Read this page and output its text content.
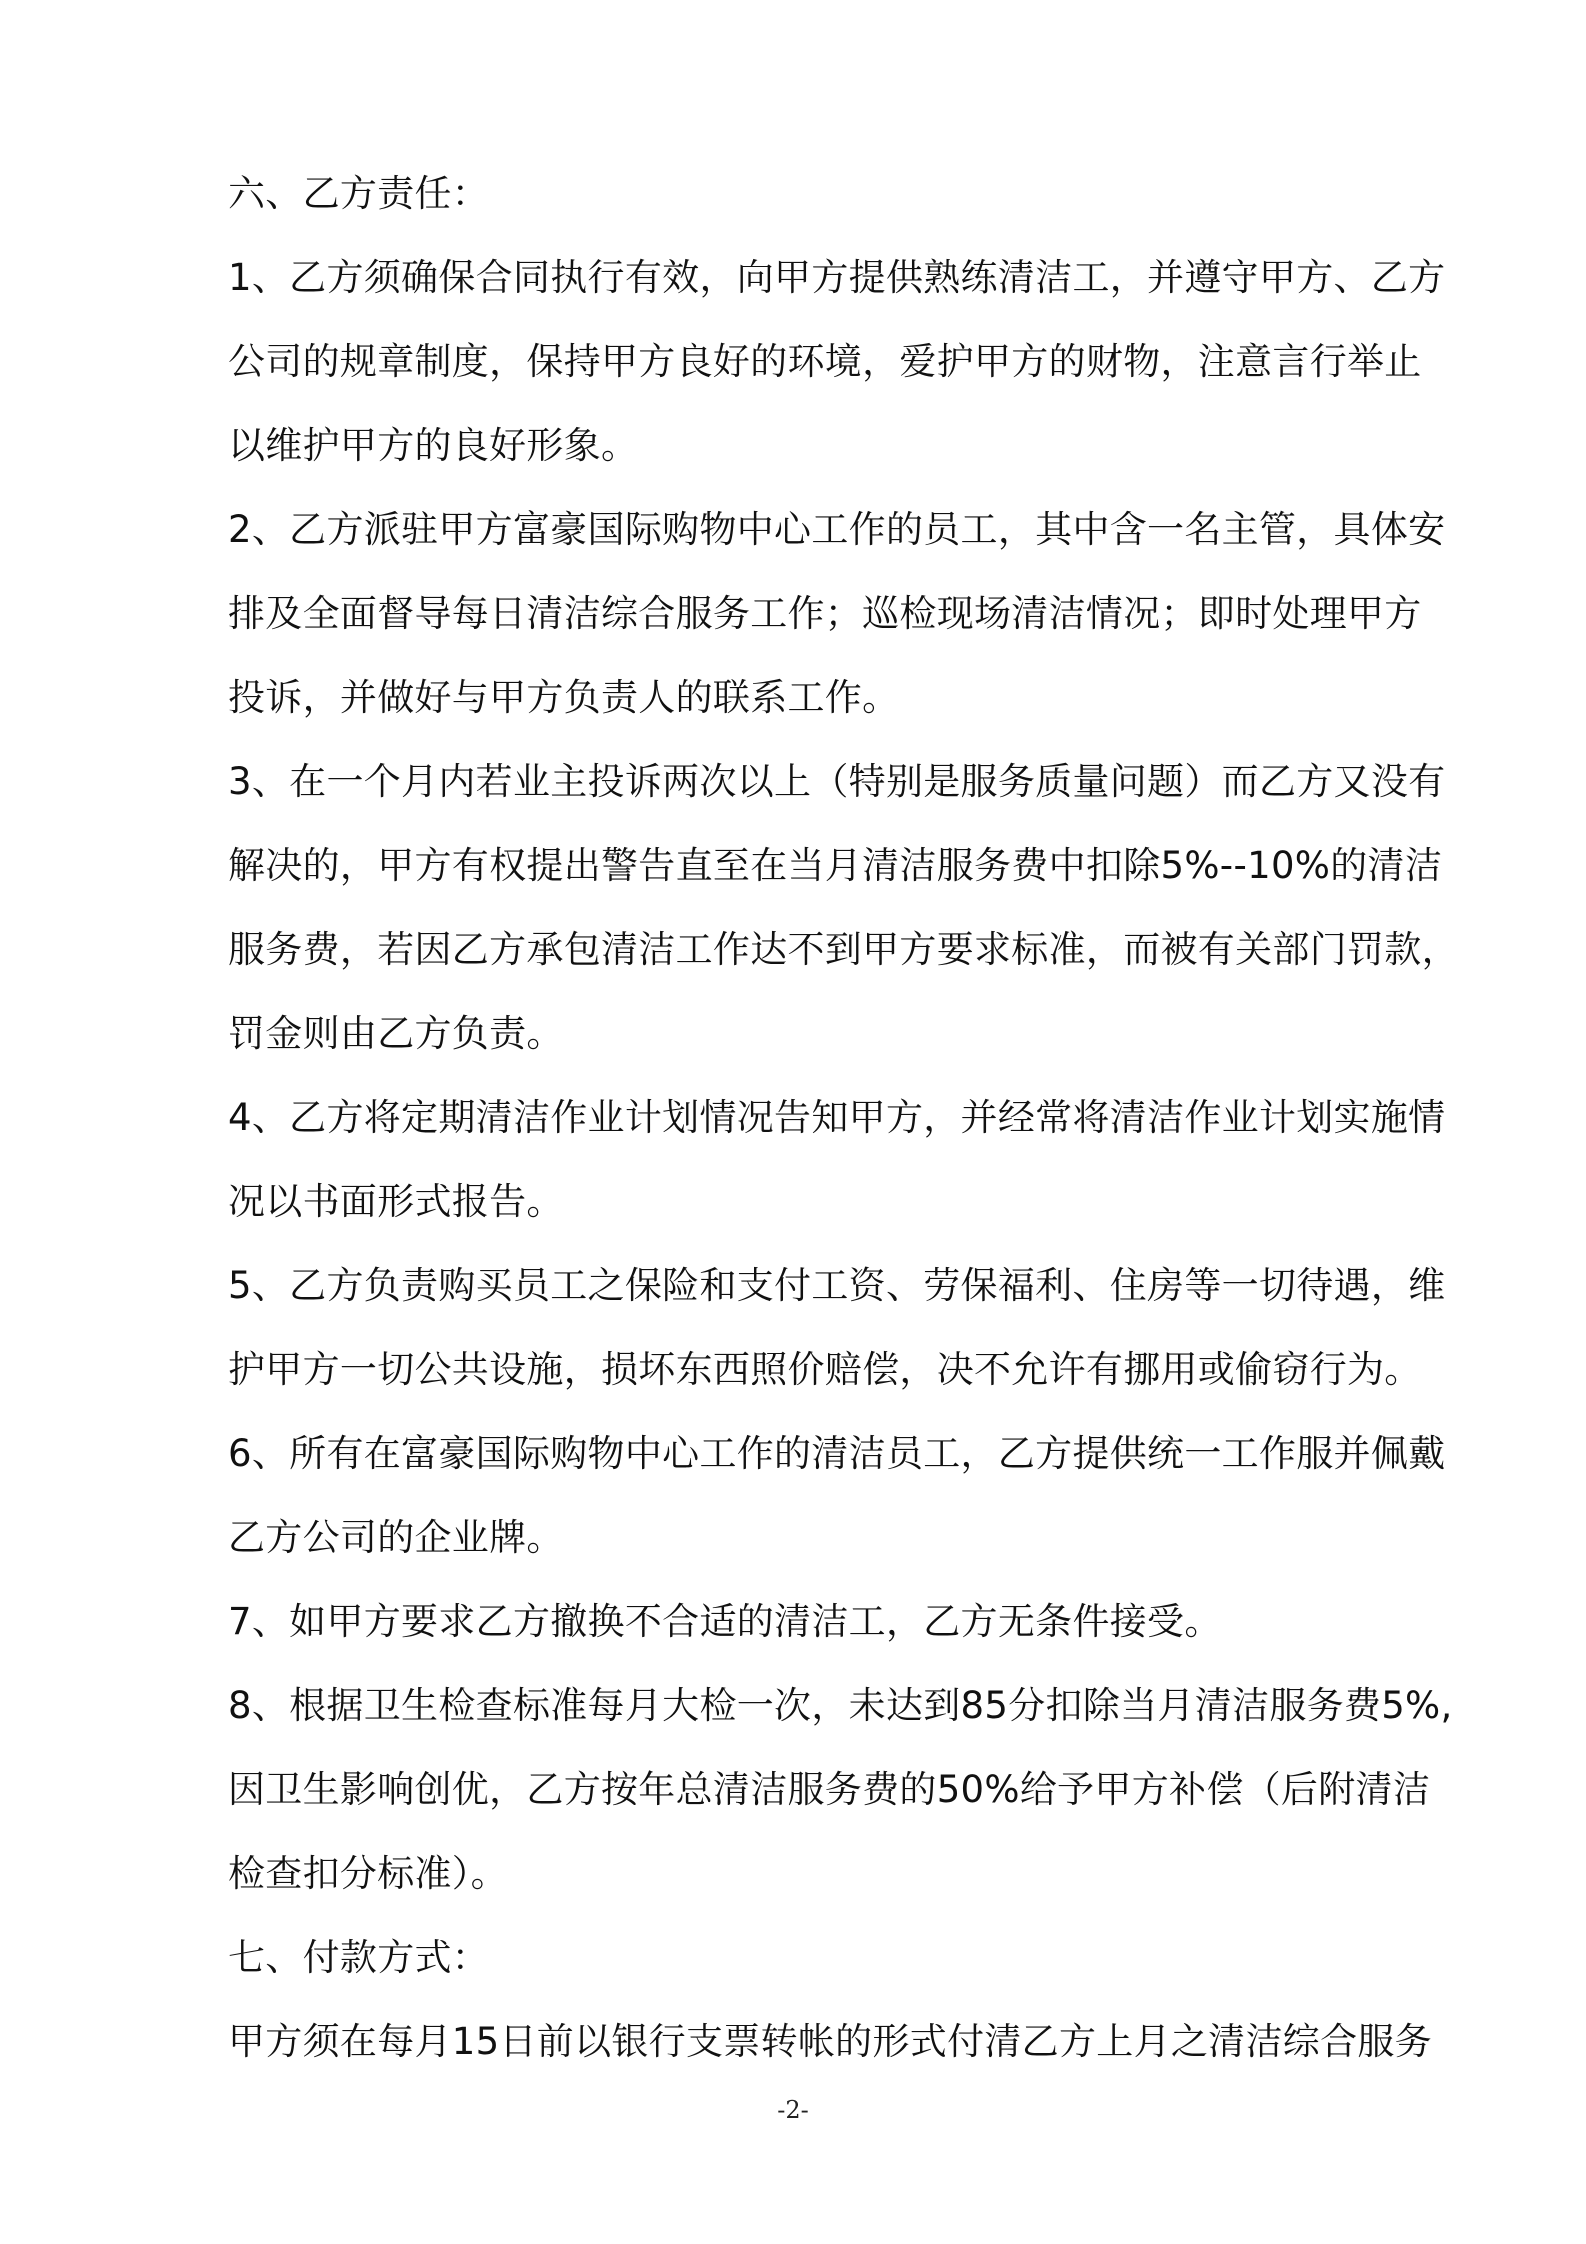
六、乙方责任：
1、乙方须确保合同执行有效，向甲方提供熟练清洁工，并遵守甲方、乙方
公司的规章制度，保持甲方良好的环境，爱护甲方的财物，注意言行举止
以维护甲方的良好形象。
2、乙方派驻甲方富豪国际购物中心工作的员工，其中含一名主管，具体安
排及全面督导每日清洁综合服务工作；巡检现场清洁情况；即时处理甲方
投诉，并做好与甲方负责人的联系工作。
3、在一个月内若业主投诉两次以上（特别是服务质量问题）而乙方又没有
解决的，甲方有权提出警告直至在当月清洁服务费中扣除5%--10%的清洁
服务费，若因乙方承包清洁工作达不到甲方要求标准，而被有关部门罚款，
罚金则由乙方负责。
4、乙方将定期清洁作业计划情况告知甲方，并经常将清洁作业计划实施情
况以书面形式报告。
5、乙方负责购买员工之保险和支付工资、劳保福利、住房等一切待遇，维
护甲方一切公共设施，损坏东西照价赔偿，决不允许有挪用或偷窃行为。
6、所有在富豪国际购物中心工作的清洁员工，乙方提供统一工作服并佩戴
乙方公司的企业牌。
7、如甲方要求乙方撤换不合适的清洁工，乙方无条件接受。
8、根据卫生检查标准每月大检一次，未达到85分扣除当月清洁服务费5%,
因卫生影响创优，乙方按年总清洁服务费的50%给予甲方补偿（后附清洁
检查扣分标准）。
七、付款方式：
甲方须在每月15日前以银行支票转帐的形式付清乙方上月之清洁综合服务
-2-
